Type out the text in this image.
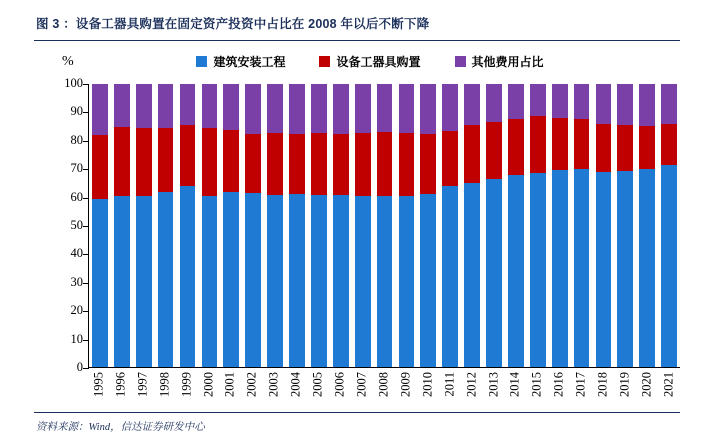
图 3 ：设备工器具购置在固定资产投资中占比在 2008 年以后不断下降
建筑安装工程	设备工器具购置	其他费用占比
%
0
10
20
30
40
50
60
70
80
90
100
1995 1996 1997 1998 1999 2000 2001 2002 2003 2004 2005 2006 2007 2008 2009 2010 2011 2012 2013 2014 2015 2016 2017 2018 2019 2020 2021
资料来源：Wind，信达证券研发中心
